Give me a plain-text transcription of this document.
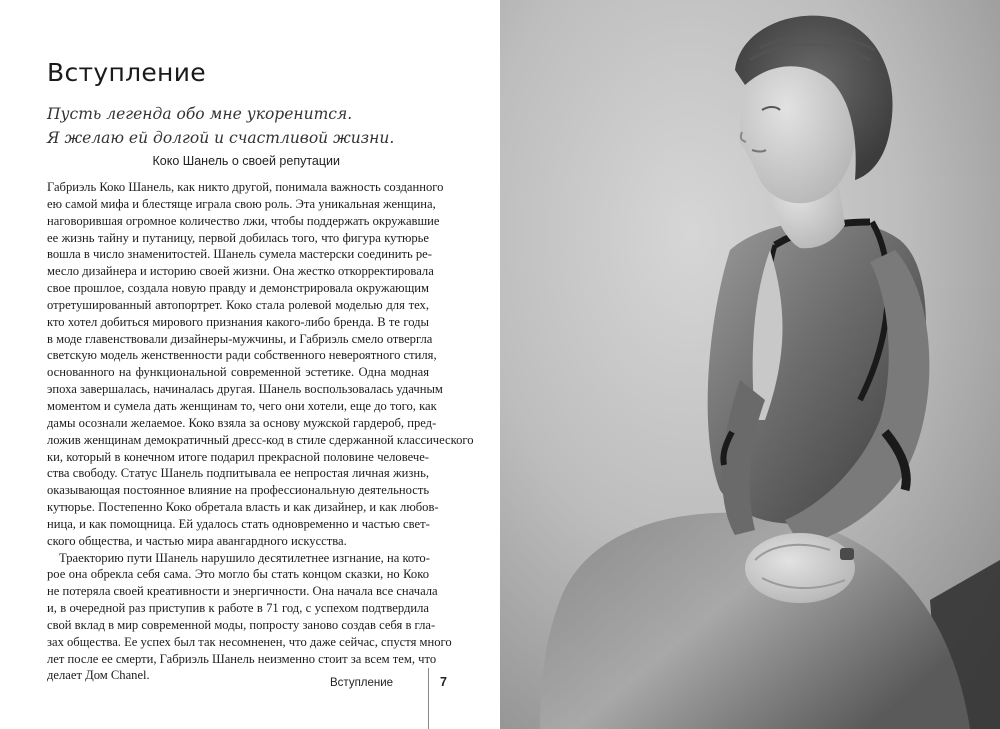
Вступление
Пусть легенда обо мне укоренится.
Я желаю ей долгой и счастливой жизни.
Коко Шанель о своей репутации
Габриэль Коко Шанель, как никто другой, понимала важность созданного
ею самой мифа и блестяще играла свою роль. Эта уникальная женщина,
наговорившая огромное количество лжи, чтобы поддержать окружавшие
ее жизнь тайну и путаницу, первой добилась того, что фигура кутюрье
вошла в число знаменитостей. Шанель сумела мастерски соединить ре-
месло дизайнера и историю своей жизни. Она жестко откорректировала
свое прошлое, создала новую правду и демонстрировала окружающим
отретушированный автопортрет. Коко стала ролевой моделью для тех,
кто хотел добиться мирового признания какого-либо бренда. В те годы
в моде главенствовали дизайнеры-мужчины, и Габриэль смело отвергла
светскую модель женственности ради собственного невероятного стиля,
основанного на функциональной современной эстетике. Одна модная
эпоха завершалась, начиналась другая. Шанель воспользовалась удачным
моментом и сумела дать женщинам то, чего они хотели, еще до того, как
дамы осознали желаемое. Коко взяла за основу мужской гардероб, пред-
ложив женщинам демократичный дресс-код в стиле сдержанной классического
ки, который в конечном итоге подарил прекрасной половине человече-
ства свободу. Статус Шанель подпитывала ее непростая личная жизнь,
оказывающая постоянное влияние на профессиональную деятельность
кутюрье. Постепенно Коко обретала власть и как дизайнер, и как любов-
ница, и как помощница. Ей удалось стать одновременно и частью свет-
ского общества, и частью мира авангардного искусства.
Траекторию пути Шанель нарушило десятилетнее изгнание, на кото-
рое она обрекла себя сама. Это могло бы стать концом сказки, но Коко
не потеряла своей креативности и энергичности. Она начала все сначала
и, в очередной раз приступив к работе в 71 год, с успехом подтвердила
свой вклад в мир современной моды, попросту заново создав себя в гла-
зах общества. Ее успех был так несомненен, что даже сейчас, спустя много
лет после ее смерти, Габриэль Шанель неизменно стоит за всем тем, что
делает Дом Chanel.
Вступление	7
